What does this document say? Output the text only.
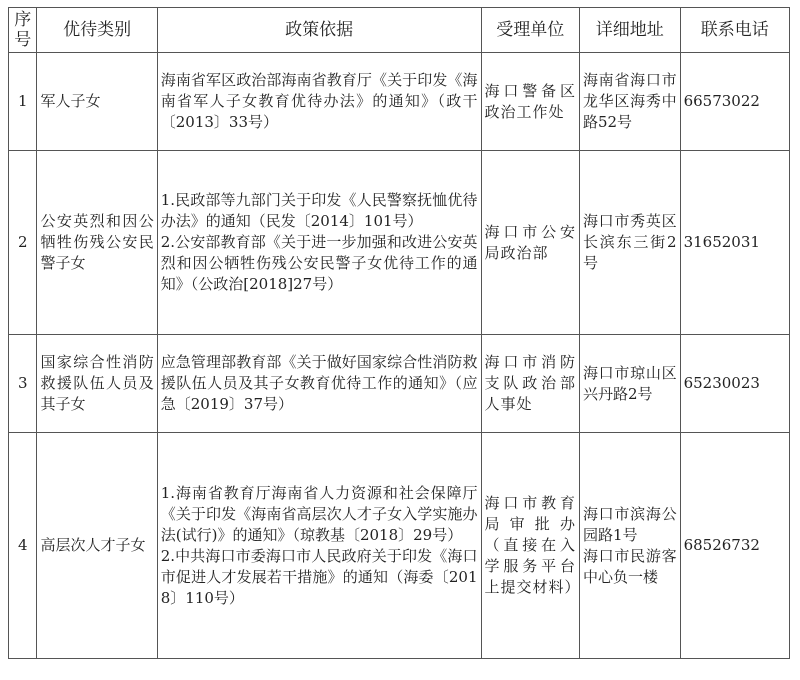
序
号	优待类别	政策依据	受理单位	详细地址	联系电话
1	军人子女	海南省军区政治部海南省教育厅《关于印发《海南省军人子女教育优待办法》的通知》（政干〔2013〕33号）	海口警备区政治工作处	海南省海口市龙华区海秀中路52号	66573022
2	公安英烈和因公牺牲伤残公安民警子女	1.民政部等九部门关于印发《人民警察抚恤优待办法》的通知（民发〔2014〕101号）
2.公安部教育部《关于进一步加强和改进公安英烈和因公牺牲伤残公安民警子女优待工作的通知》（公政治[2018]27号）	海口市公安局政治部	海口市秀英区长滨东三街2号	31652031
3	国家综合性消防救援队伍人员及其子女	应急管理部教育部《关于做好国家综合性消防救援队伍人员及其子女教育优待工作的通知》（应急〔2019〕37号）	海口市消防支队政治部人事处	海口市琼山区兴丹路2号	65230023
4	高层次人才子女	1.海南省教育厅海南省人力资源和社会保障厅《关于印发《海南省高层次人才子女入学实施办法(试行)》的通知》（琼教基〔2018〕29号）
2.中共海口市委海口市人民政府关于印发《海口市促进人才发展若干措施》的通知（海委〔2018〕110号）	海口市教育局审批办（直接在入学服务平台上提交材料）	海口市滨海公园路1号
海口市民游客中心负一楼	68526732
